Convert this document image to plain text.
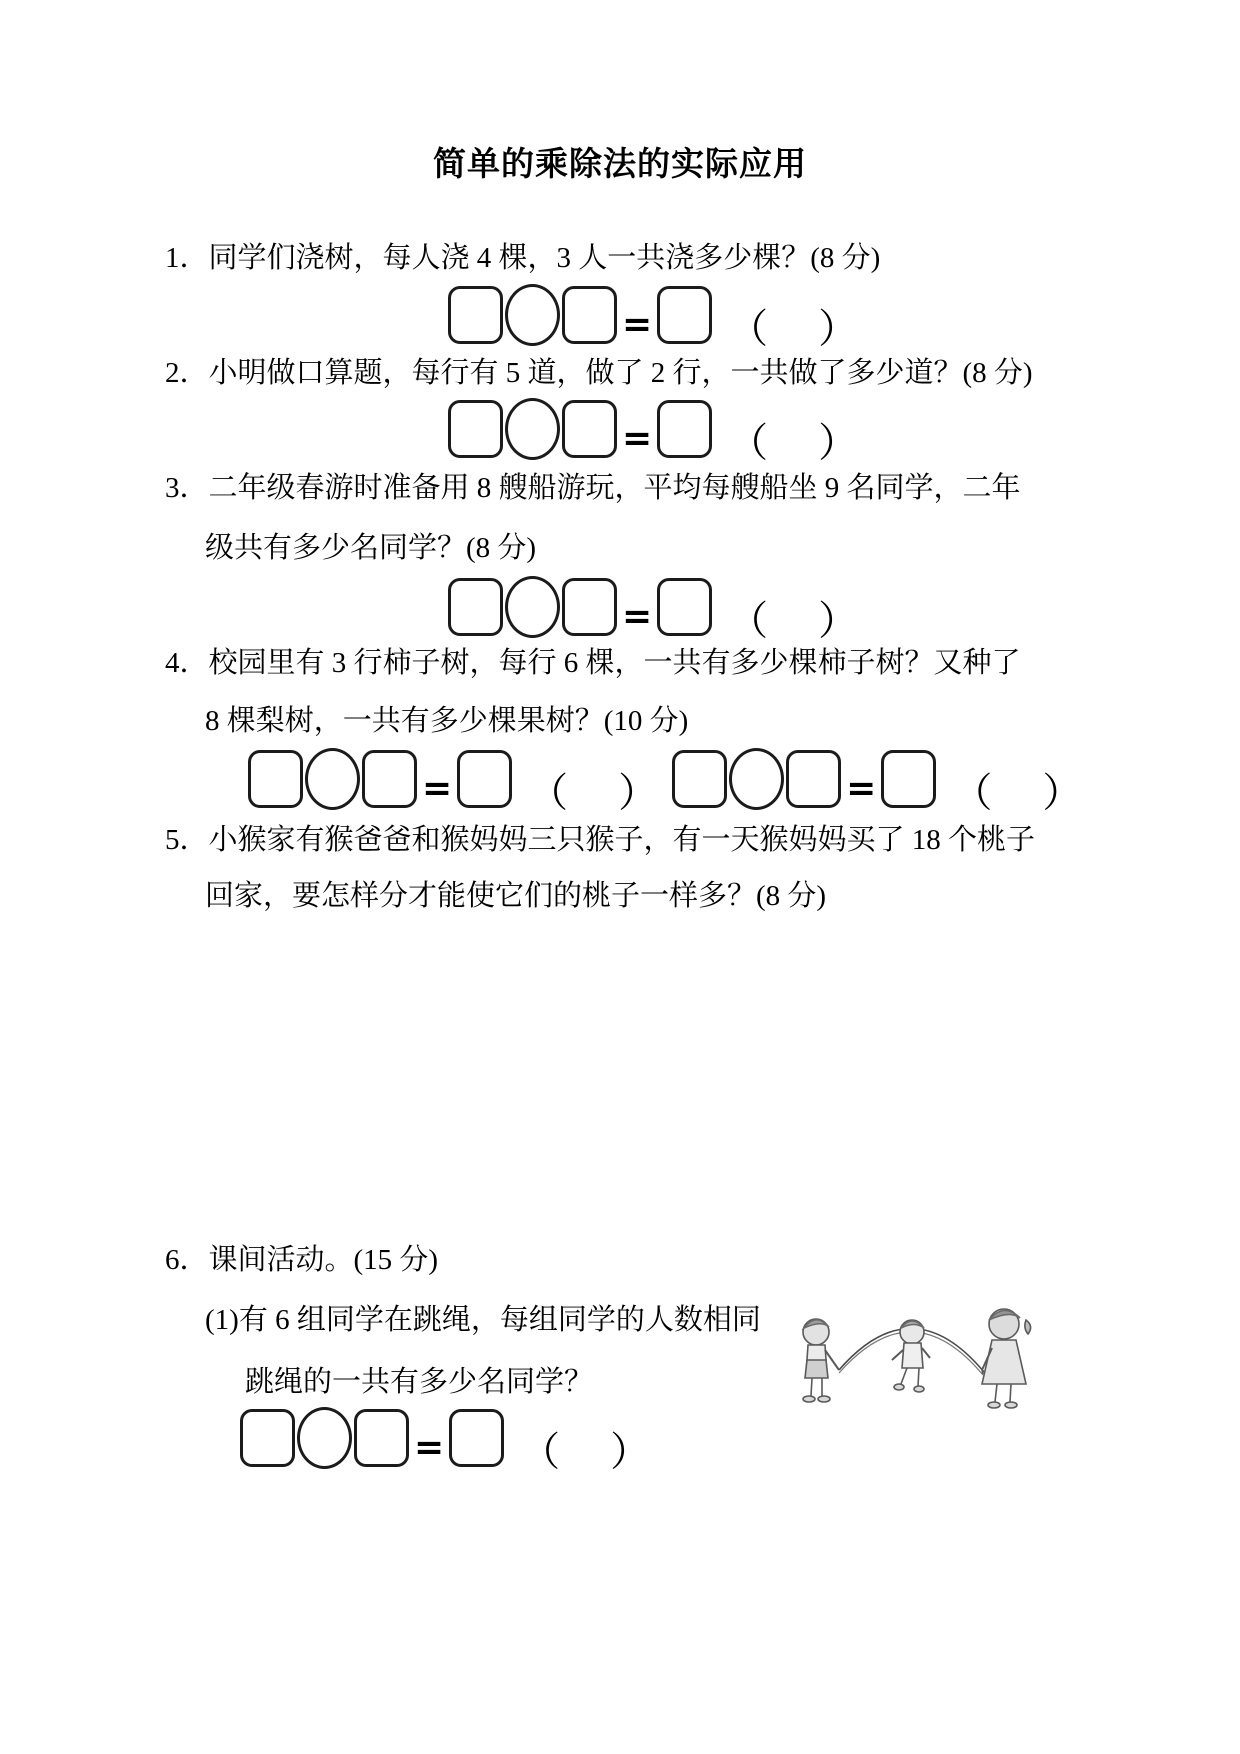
简单的乘除法的实际应用
1．同学们浇树，每人浇 4 棵，3 人一共浇多少棵？(8 分)
= （ ）
2．小明做口算题，每行有 5 道，做了 2 行，一共做了多少道？(8 分)
= （ ）
3．二年级春游时准备用 8 艘船游玩，平均每艘船坐 9 名同学，二年
级共有多少名同学？(8 分)
= （ ）
4．校园里有 3 行柿子树，每行 6 棵，一共有多少棵柿子树？又种了
8 棵梨树，一共有多少棵果树？(10 分)
= （ ）	= （ ）
5．小猴家有猴爸爸和猴妈妈三只猴子，有一天猴妈妈买了 18 个桃子
回家，要怎样分才能使它们的桃子一样多？(8 分)
6．课间活动。(15 分)
(1)有 6 组同学在跳绳，每组同学的人数相同
跳绳的一共有多少名同学？
= （ ）
